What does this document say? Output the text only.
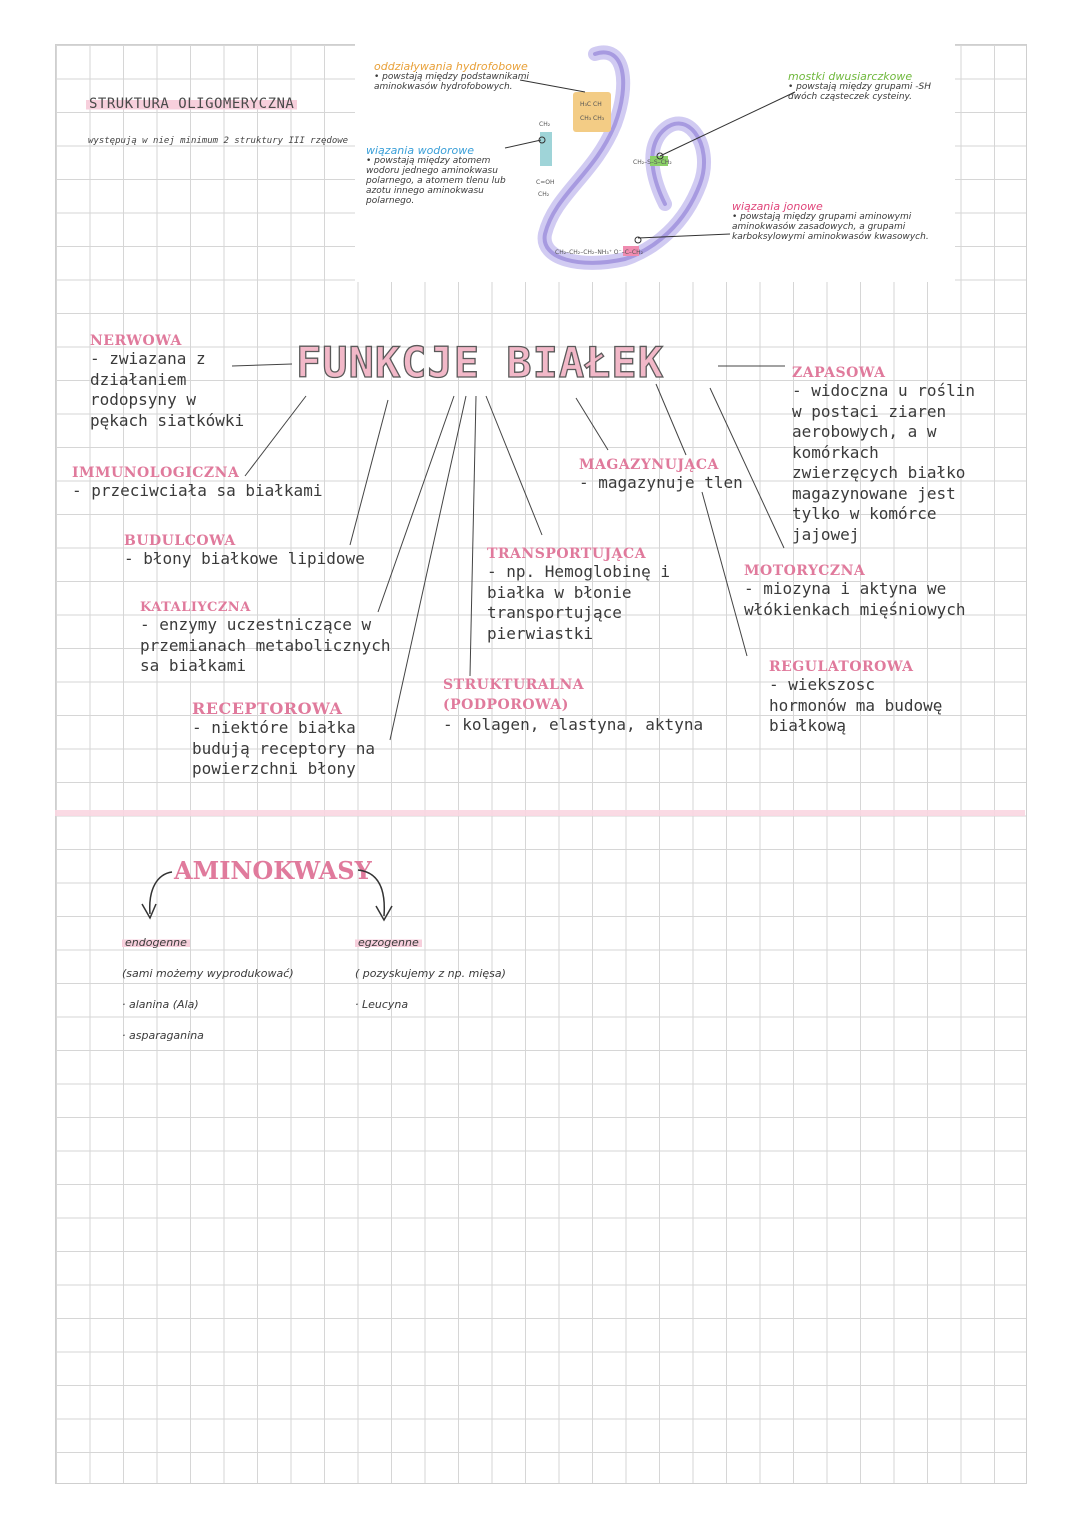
STRUKTURA OLIGOMERYCZNA
występują w niej minimum 2 struktury III rzędowe
H₃C CH
CH₃ CH₃
CH₂
C=OH
CH₂
CH₂–S–S–CH₂
CH₂–CH₂–CH₂–NH₃⁺ O⁻–C–CH₂
oddziaływania hydrofobowe
• powstają między podstawnikami aminokwasów hydrofobowych.
mostki dwusiarczkowe
• powstają między grupami -SH dwóch cząsteczek cysteiny.
wiązania wodorowe
• powstają między atomem wodoru jednego aminokwasu polarnego, a atomem tlenu lub azotu innego aminokwasu polarnego.	wiązania jonowe
• powstają między grupami aminowymi aminokwasów zasadowych, a grupami karboksylowymi aminokwasów kwasowych.
FUNKCJE BIAŁEK
NERWOWA
- zwiazana z
działaniem
rodopsyny w
pękach siatkówki
IMMUNOLOGICZNA
- przeciwciała sa białkami
BUDULCOWA
- błony białkowe lipidowe
KATALIYCZNA
- enzymy uczestniczące w
przemianach metabolicznych
sa białkami
RECEPTOROWA
- niektóre białka
budują receptory na
powierzchni błony
STRUKTURALNA
(PODPOROWA)
- kolagen, elastyna, aktyna
TRANSPORTUJĄCA
- np. Hemoglobinę i
białka w błonie
transportujące
pierwiastki
MAGAZYNUJĄCA
- magazynuje tlen
ZAPASOWA
- widoczna u roślin
w postaci ziaren
aerobowych, a w
komórkach
zwierzęcych białko
magazynowane jest
tylko w komórce
jajowej
MOTORYCZNA
- miozyna i aktyna we
włókienkach mięśniowych
REGULATOROWA
- wiekszosc
hormonów ma budowę
białkową
AMINOKWASY
endogenne
(sami możemy wyprodukować)
· alanina (Ala)
· asparaganina
egzogenne
( pozyskujemy z np. mięsa)
· Leucyna
